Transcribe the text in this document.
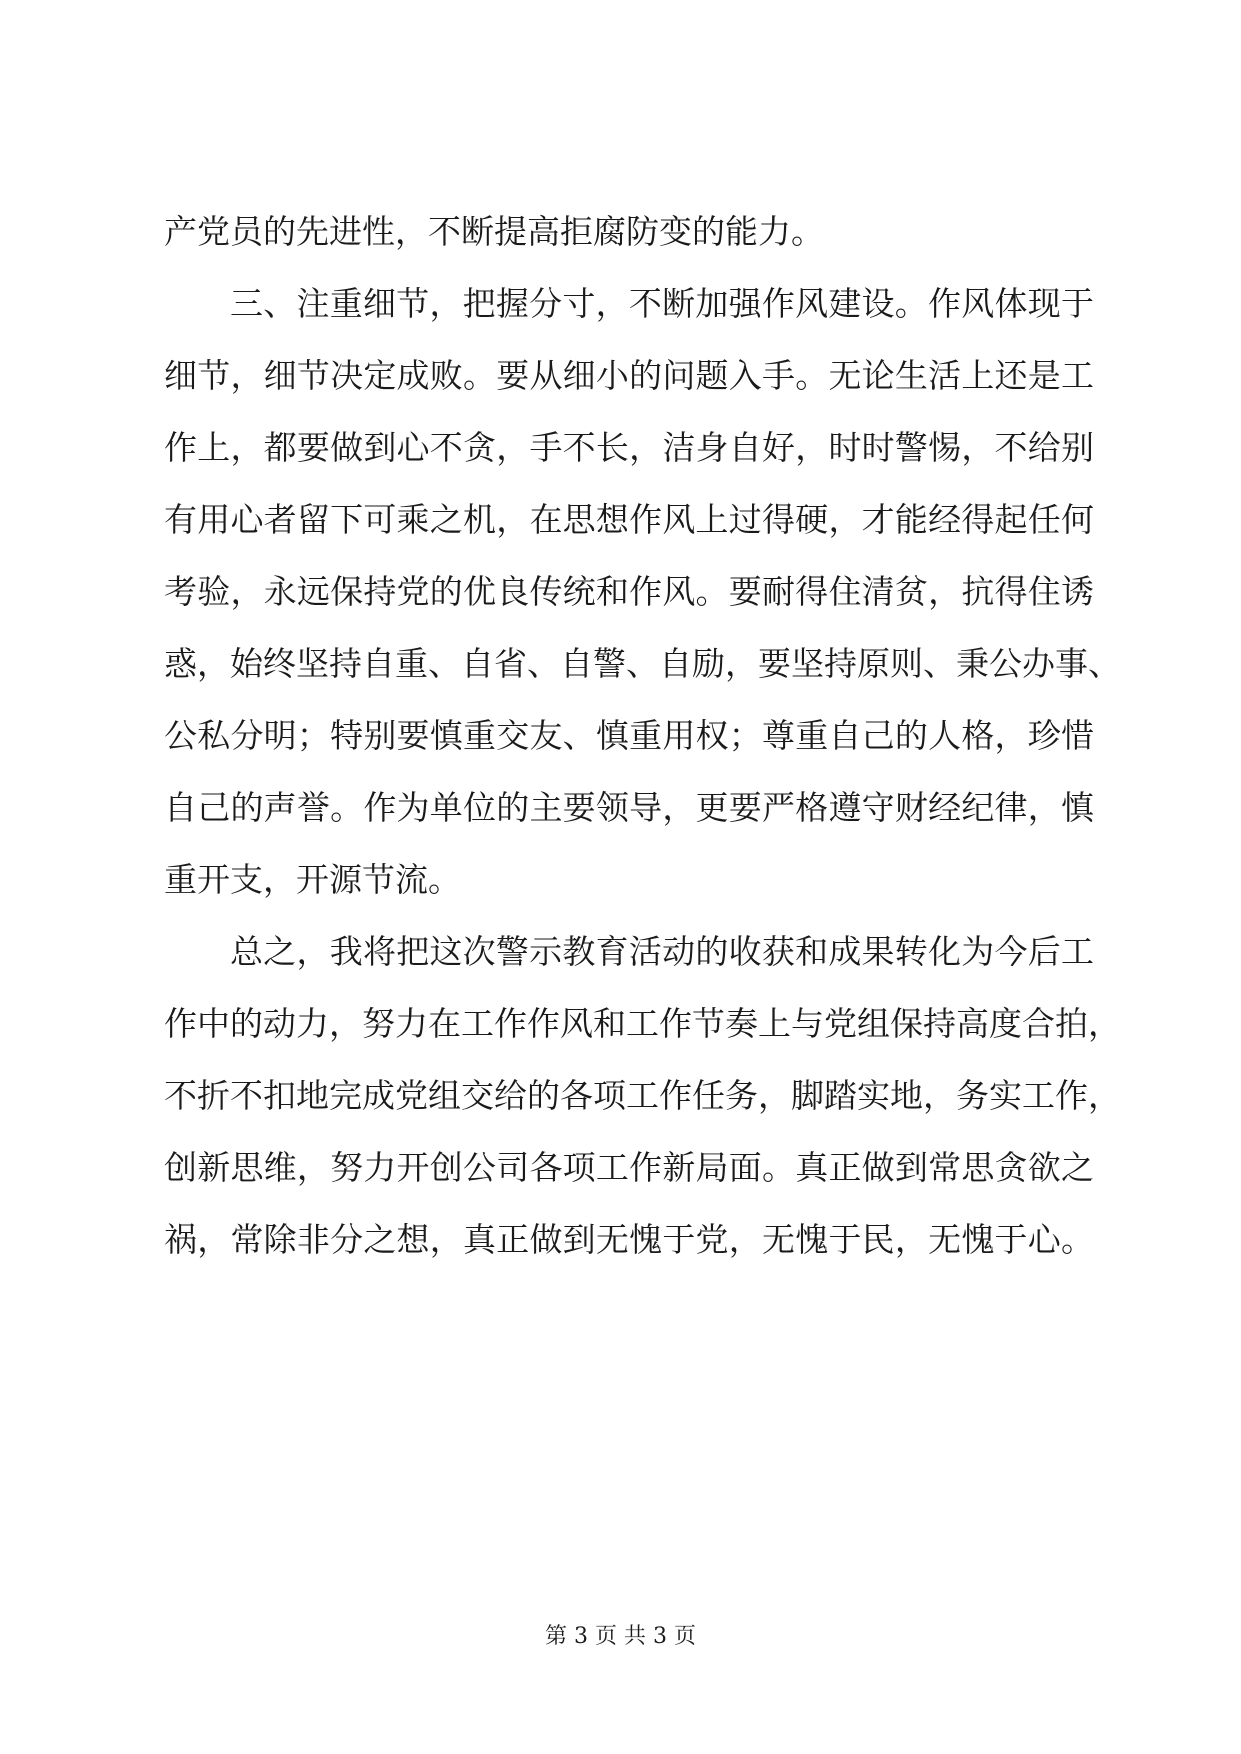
产党员的先进性，不断提高拒腐防变的能力。
三、注重细节，把握分寸，不断加强作风建设。作风体现于
细节，细节决定成败。要从细小的问题入手。无论生活上还是工
作上，都要做到心不贪，手不长，洁身自好，时时警惕，不给别
有用心者留下可乘之机，在思想作风上过得硬，才能经得起任何
考验，永远保持党的优良传统和作风。要耐得住清贫，抗得住诱
惑，始终坚持自重、自省、自警、自励，要坚持原则、秉公办事、
公私分明；特别要慎重交友、慎重用权；尊重自己的人格，珍惜
自己的声誉。作为单位的主要领导，更要严格遵守财经纪律，慎
重开支，开源节流。
总之，我将把这次警示教育活动的收获和成果转化为今后工
作中的动力，努力在工作作风和工作节奏上与党组保持高度合拍，
不折不扣地完成党组交给的各项工作任务，脚踏实地，务实工作，
创新思维，努力开创公司各项工作新局面。真正做到常思贪欲之
祸，常除非分之想，真正做到无愧于党，无愧于民，无愧于心。
第 3 页 共 3 页
